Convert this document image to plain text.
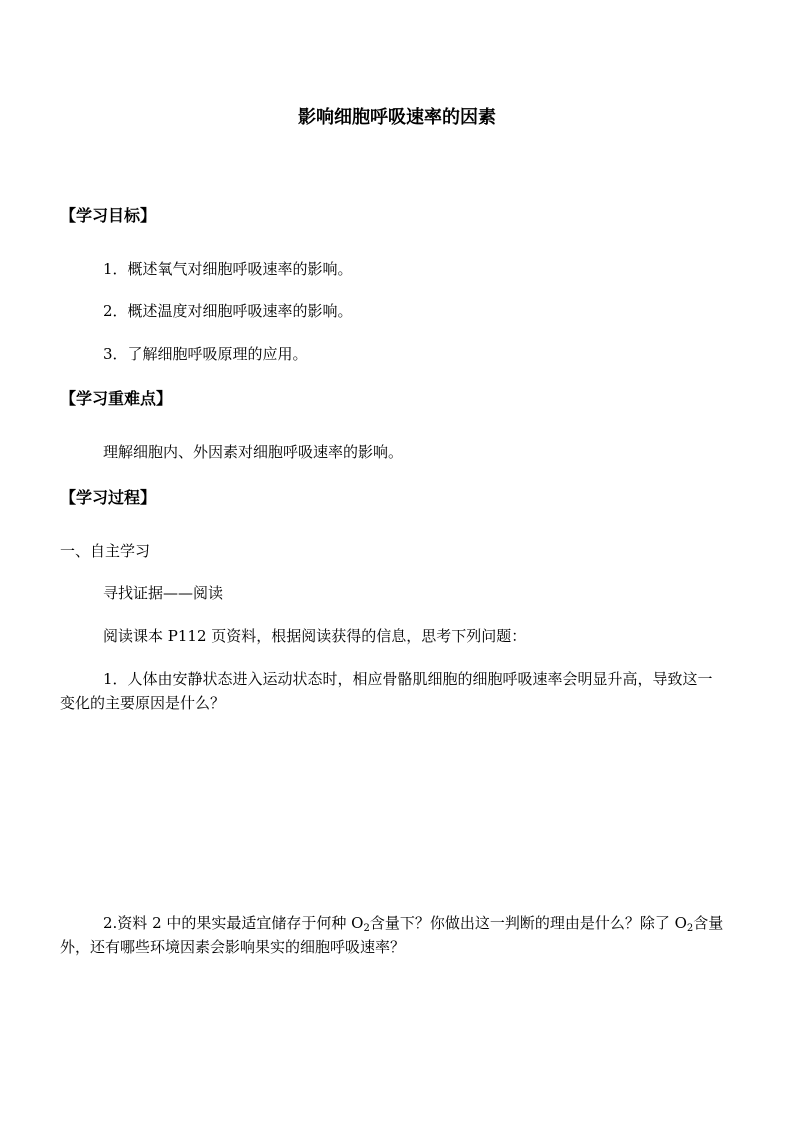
影响细胞呼吸速率的因素
【学习目标】
1．概述氧气对细胞呼吸速率的影响。
2．概述温度对细胞呼吸速率的影响。
3．了解细胞呼吸原理的应用。
【学习重难点】
理解细胞内、外因素对细胞呼吸速率的影响。
【学习过程】
一、自主学习
寻找证据——阅读
阅读课本 P112 页资料，根据阅读获得的信息，思考下列问题：
1．人体由安静状态进入运动状态时，相应骨骼肌细胞的细胞呼吸速率会明显升高，导致这一变化的主要原因是什么？
2.资料 2 中的果实最适宜储存于何种 $O_2$含量下？你做出这一判断的理由是什么？除了 $O_2$含量外，还有哪些环境因素会影响果实的细胞呼吸速率？
